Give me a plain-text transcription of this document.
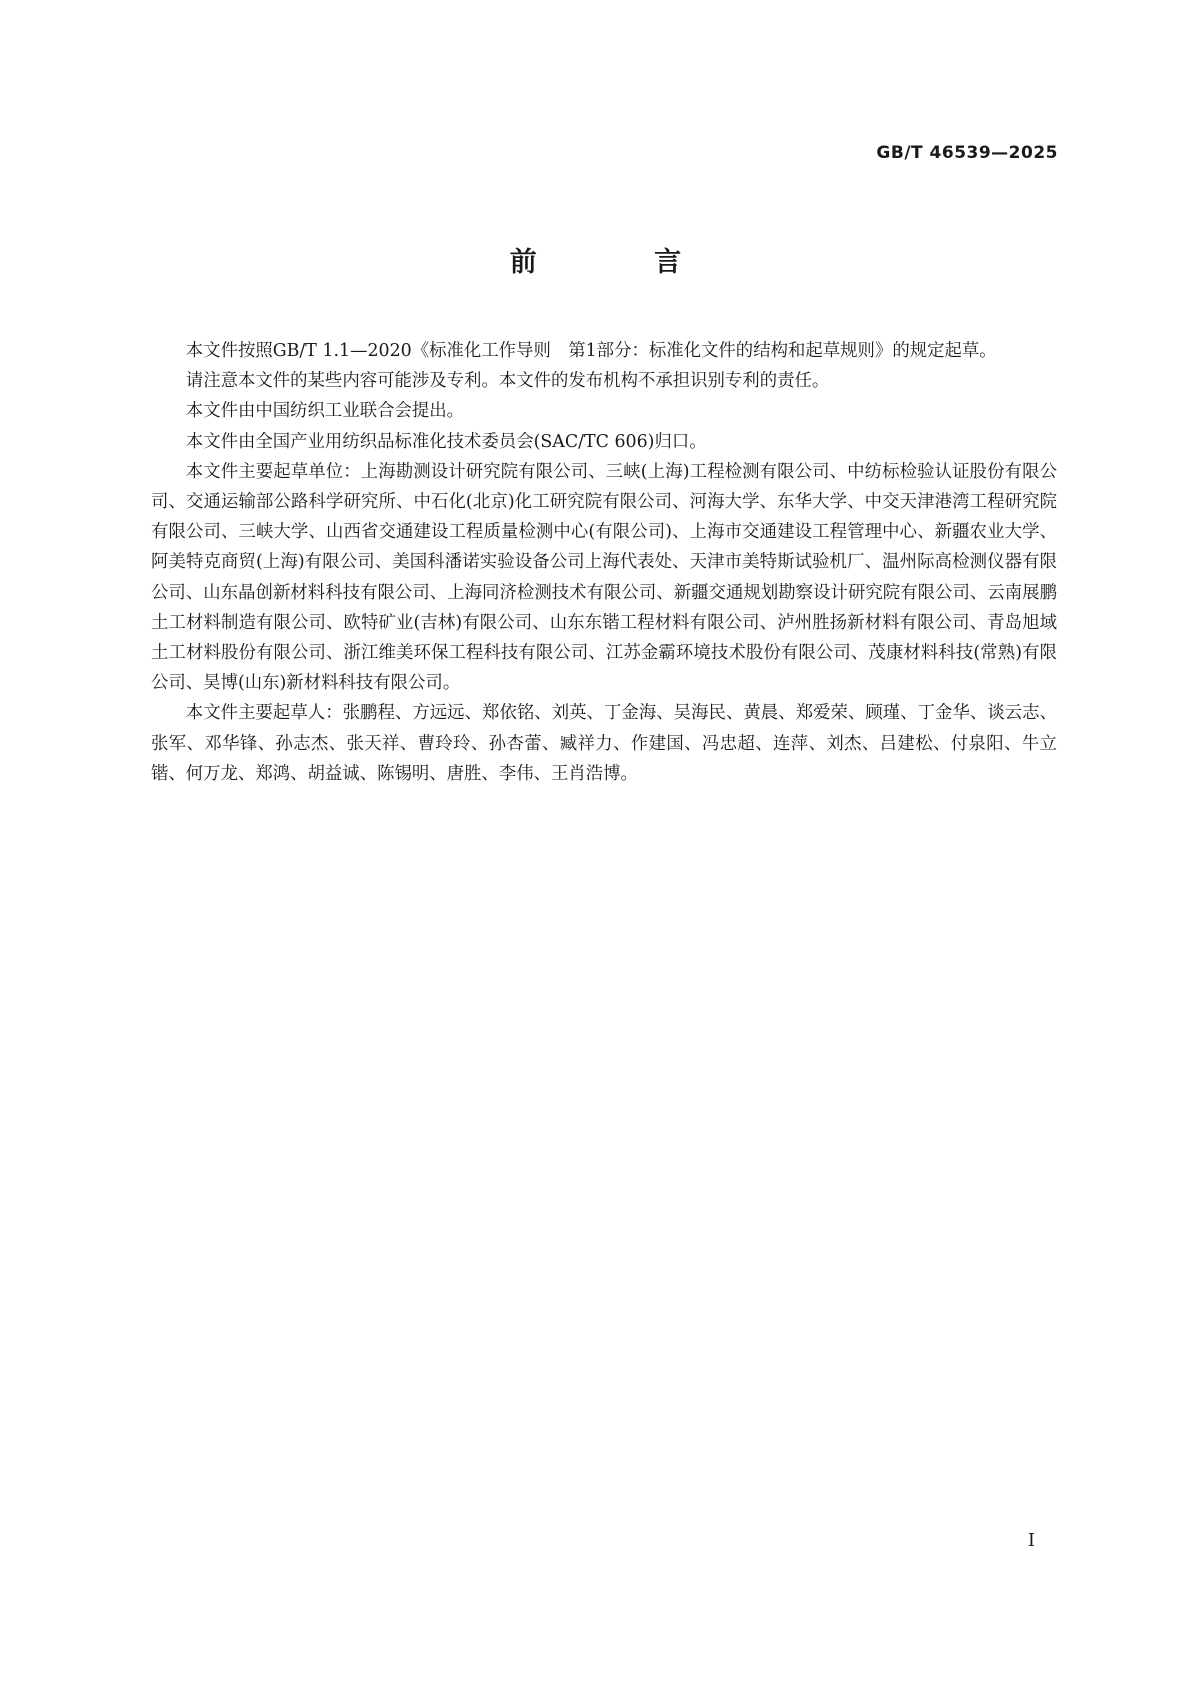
GB/T 46539—2025
前 言

本文件按照GB/T 1.1—2020《标准化工作导则　第1部分：标准化文件的结构和起草规则》的规定起草。

请注意本文件的某些内容可能涉及专利。本文件的发布机构不承担识别专利的责任。

本文件由中国纺织工业联合会提出。

本文件由全国产业用纺织品标准化技术委员会(SAC/TC 606)归口。

本文件主要起草单位：上海勘测设计研究院有限公司、三峡(上海)工程检测有限公司、中纺标检验认证股份有限公司、交通运输部公路科学研究所、中石化(北京)化工研究院有限公司、河海大学、东华大学、中交天津港湾工程研究院有限公司、三峡大学、山西省交通建设工程质量检测中心(有限公司)、上海市交通建设工程管理中心、新疆农业大学、阿美特克商贸(上海)有限公司、美国科潘诺实验设备公司上海代表处、天津市美特斯试验机厂、温州际高检测仪器有限公司、山东晶创新材料科技有限公司、上海同济检测技术有限公司、新疆交通规划勘察设计研究院有限公司、云南展鹏土工材料制造有限公司、欧特矿业(吉林)有限公司、山东东锴工程材料有限公司、泸州胜扬新材料有限公司、青岛旭域土工材料股份有限公司、浙江维美环保工程科技有限公司、江苏金霸环境技术股份有限公司、茂康材料科技(常熟)有限公司、昊博(山东)新材料科技有限公司。

本文件主要起草人：张鹏程、方远远、郑依铭、刘英、丁金海、吴海民、黄晨、郑爱荣、顾瑾、丁金华、谈云志、张军、邓华锋、孙志杰、张天祥、曹玲玲、孙杏蕾、臧祥力、作建国、冯忠超、连萍、刘杰、吕建松、付泉阳、牛立锴、何万龙、郑鸿、胡益诚、陈锡明、唐胜、李伟、王肖浩博。

I
